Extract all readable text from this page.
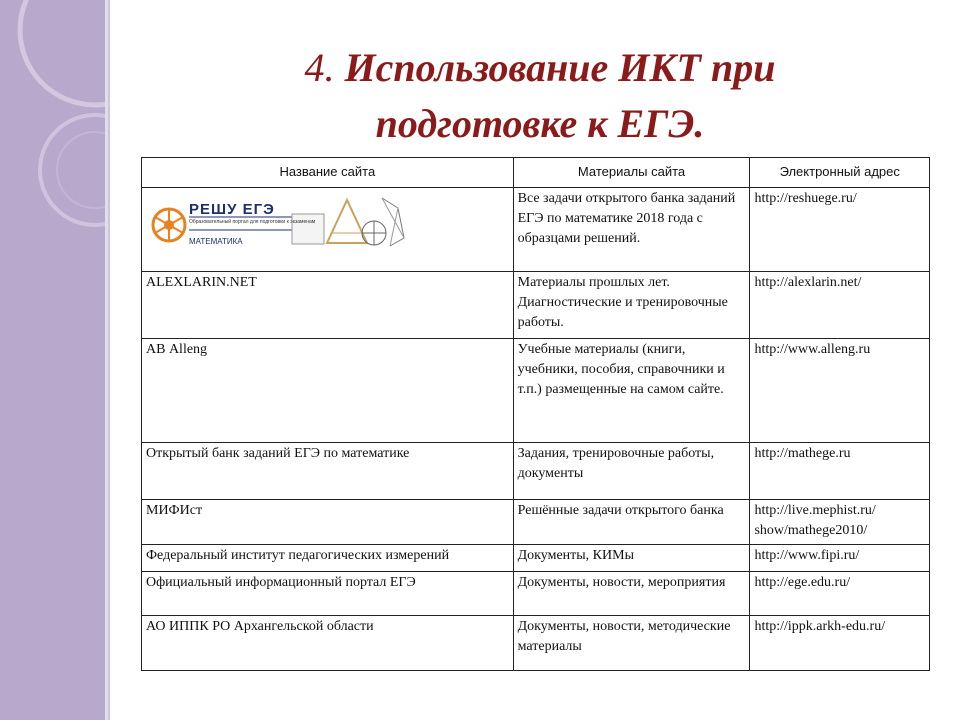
4. Использование ИКТ при
подготовке к ЕГЭ.
Название сайта	Материалы сайта	Электронный адрес

РЕШУ ЕГЭ
Образовательный портал для подготовки к экзаменам
МАТЕМАТИКА	Все задачи открытого банка заданий ЕГЭ по математике 2018 года с образцами решений.	http://reshuege.ru/
ALEXLARIN.NET	Материалы прошлых лет. Диагностические и тренировочные работы.	http://alexlarin.net/
АВ Alleng	Учебные материалы (книги, учебники, пособия, справочники и т.п.) размещенные на самом сайте.	http://www.alleng.ru
Открытый банк заданий ЕГЭ по математике	Задания, тренировочные работы, документы	http://mathege.ru
МИФИст	Решённые задачи открытого банка	http://live.mephist.ru/ show/mathege2010/
Федеральный институт педагогических измерений	Документы, КИМы	http://www.fipi.ru/
Официальный информационный портал ЕГЭ	Документы, новости, мероприятия	http://ege.edu.ru/
АО ИППК РО Архангельской области	Документы, новости, методические материалы	http://ippk.arkh-edu.ru/
